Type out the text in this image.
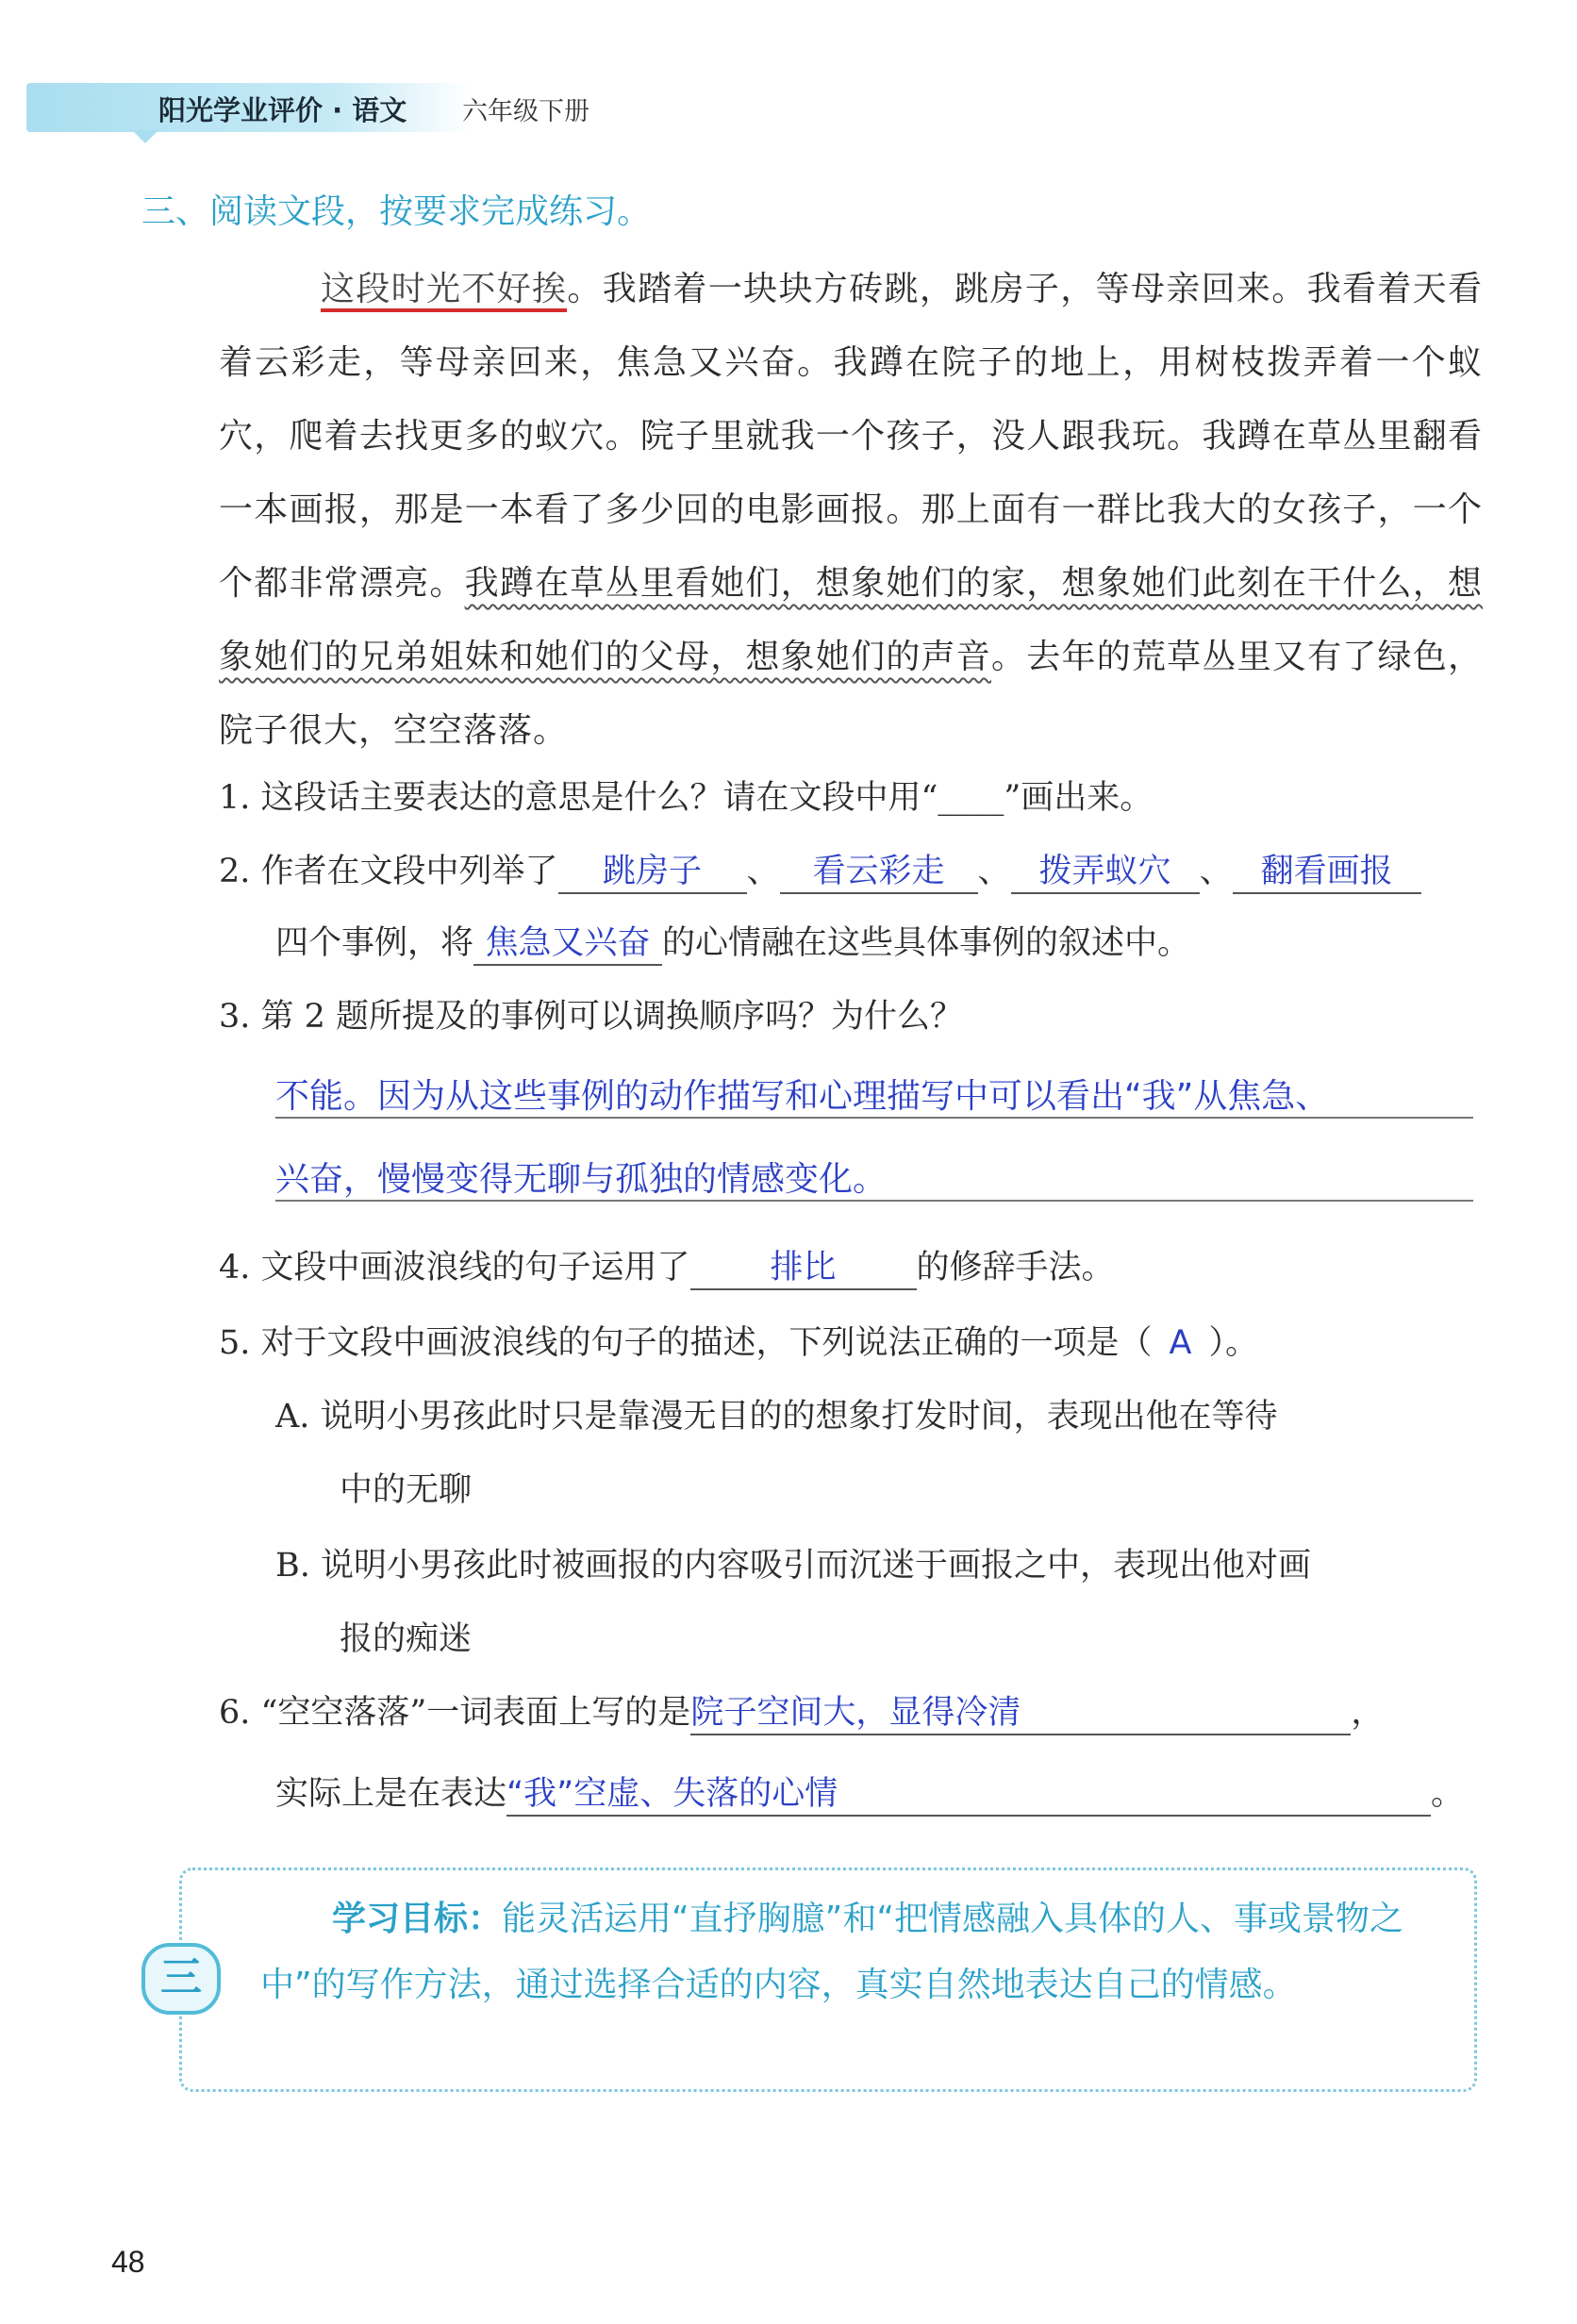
阳光学业评价 · 语文 六年级下册
三、阅读文段，按要求完成练习。

这段时光不好挨。我踏着一块块方砖跳，跳房子，等母亲回来。我看着天看着云彩走，等母亲回来，焦急又兴奋。我蹲在院子的地上，用树枝拨弄着一个蚁穴，爬着去找更多的蚁穴。院子里就我一个孩子，没人跟我玩。我蹲在草丛里翻看一本画报，那是一本看了多少回的电影画报。那上面有一群比我大的女孩子，一个个都非常漂亮。我蹲在草丛里看她们，想象她们的家，想象她们此刻在干什么，想象她们的兄弟姐妹和她们的父母，想象她们的声音。去年的荒草丛里又有了绿色，院子很大，空空落落。

1. 这段话主要表达的意思是什么？请在文段中用“____”画出来。
2. 作者在文段中列举了 跳房子 、 看云彩走 、 拨弄蚁穴 、 翻看画报
四个事例，将 焦急又兴奋 的心情融在这些具体事例的叙述中。
3. 第 2 题所提及的事例可以调换顺序吗？为什么？
不能。因为从这些事例的动作描写和心理描写中可以看出“我”从焦急、
兴奋，慢慢变得无聊与孤独的情感变化。
4. 文段中画波浪线的句子运用了 排比 的修辞手法。
5. 对于文段中画波浪线的句子的描述，下列说法正确的一项是（ A ）。
A. 说明小男孩此时只是靠漫无目的的想象打发时间，表现出他在等待
中的无聊
B. 说明小男孩此时被画报的内容吸引而沉迷于画报之中，表现出他对画
报的痴迷
6. “空空落落”一词表面上写的是院子空间大，显得冷清	，
实际上是在表达“我”空虚、失落的心情	。
三
学习目标：能灵活运用“直抒胸臆”和“把情感融入具体的人、事或景物之中”的写作方法，通过选择合适的内容，真实自然地表达自己的情感。
48
